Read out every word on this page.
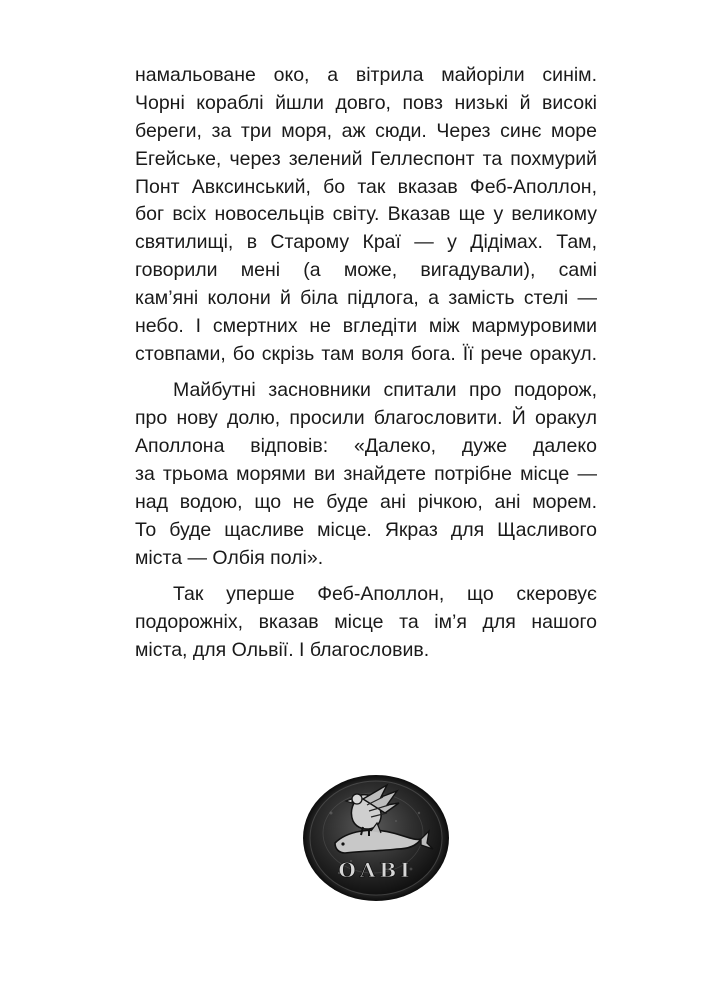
намальоване око, а вітрила майоріли синім.
Чорні кораблі йшли довго, повз низькі й високі
береги, за три моря, аж сюди. Через синє море
Егейське, через зелений Геллеспонт та похмурий
Понт Авксинський, бо так вказав Феб-Аполлон,
бог всіх новосельців світу. Вказав ще у великому
святилищі, в Старому Краї — у Дідімах. Там,
говорили мені (а може, вигадували), самі
кам’яні колони й біла підлога, а замість стелі —
небо. І смертних не вгледіти між мармуровими
стовпами, бо скрізь там воля бога. Її рече оракул.
Майбутні засновники спитали про подорож,
про нову долю, просили благословити. Й оракул
Аполлона відповів: «Далеко, дуже далеко
за трьома морями ви знайдете потрібне місце —
над водою, що не буде ані річкою, ані морем.
То буде щасливе місце. Якраз для Щасливого
міста — Олбія полі».
Так уперше Феб-Аполлон, що скеровує
подорожніх, вказав місце та ім’я для нашого
міста, для Ольвії. І благословив.
ΟΛΒΙ
